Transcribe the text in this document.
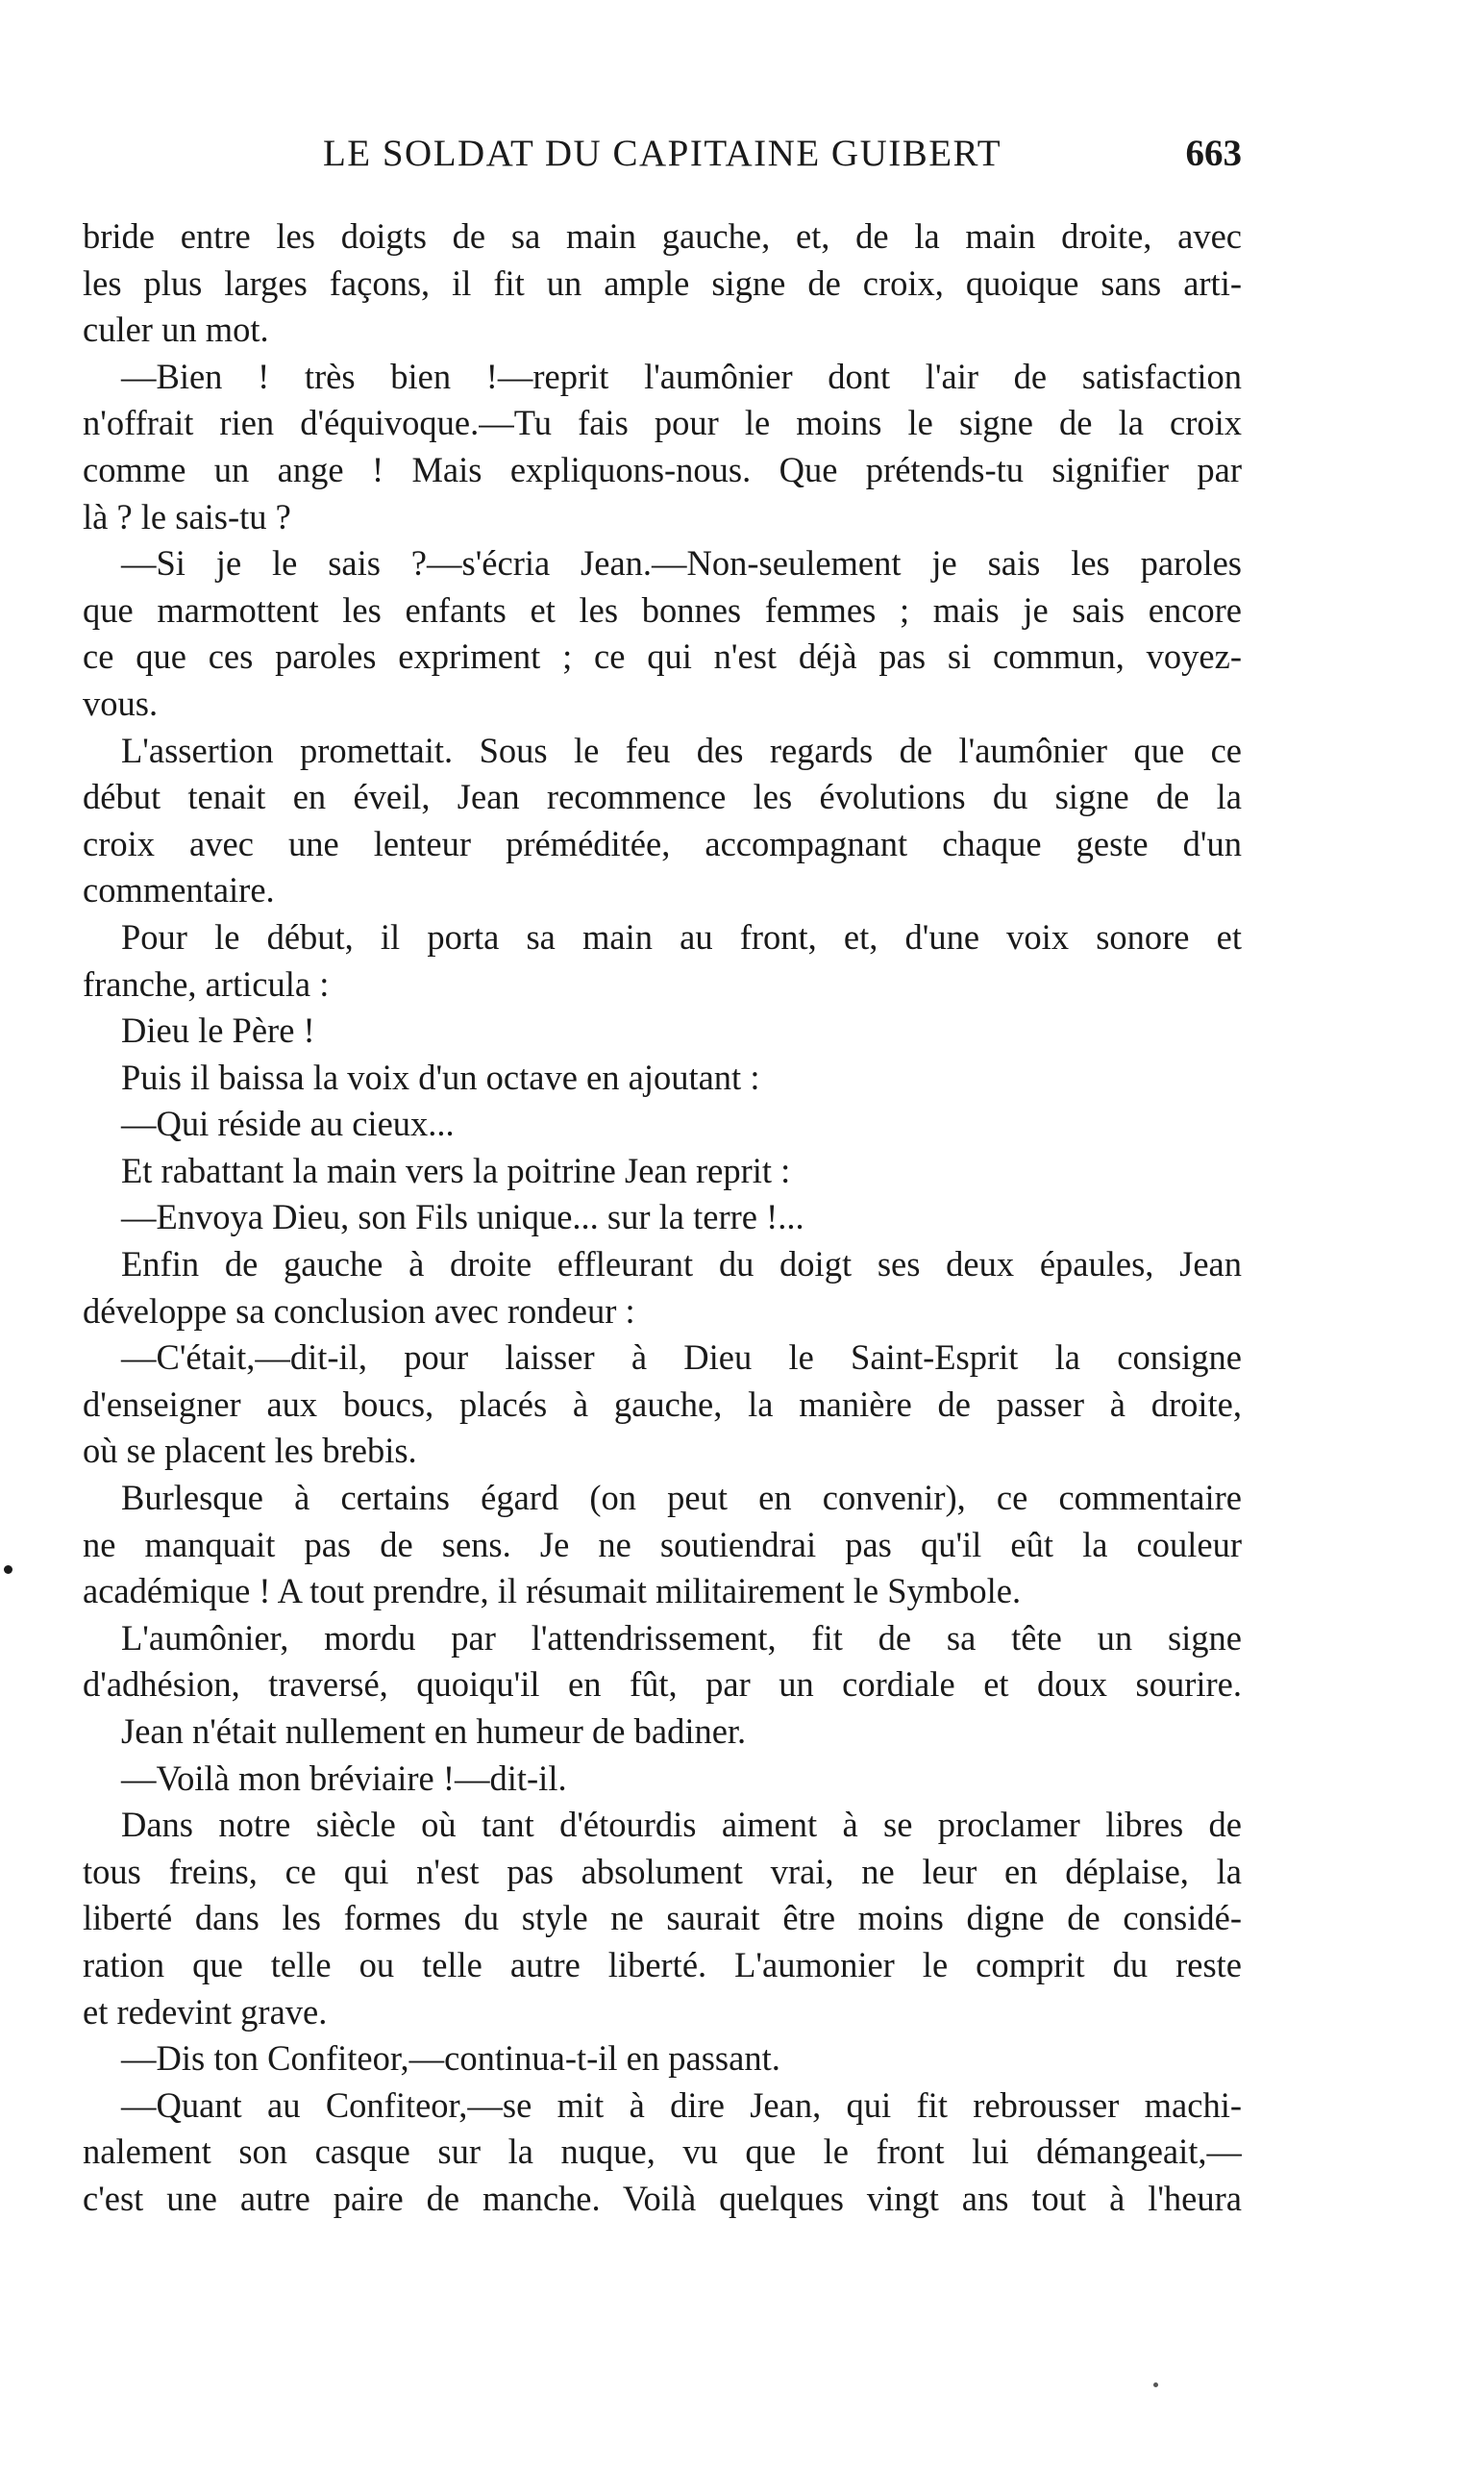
LE SOLDAT DU CAPITAINE GUIBERT	663
bride entre les doigts de sa main gauche, et, de la main droite, avec
les plus larges façons, il fit un ample signe de croix, quoique sans arti-
culer un mot.
—Bien ! très bien !—reprit l'aumônier dont l'air de satisfaction
n'offrait rien d'équivoque.—Tu fais pour le moins le signe de la croix
comme un ange ! Mais expliquons-nous. Que prétends-tu signifier par
là ? le sais-tu ?
—Si je le sais ?—s'écria Jean.—Non-seulement je sais les paroles
que marmottent les enfants et les bonnes femmes ; mais je sais encore
ce que ces paroles expriment ; ce qui n'est déjà pas si commun, voyez-
vous.
L'assertion promettait. Sous le feu des regards de l'aumônier que ce
début tenait en éveil, Jean recommence les évolutions du signe de la
croix avec une lenteur préméditée, accompagnant chaque geste d'un
commentaire.
Pour le début, il porta sa main au front, et, d'une voix sonore et
franche, articula :
Dieu le Père !
Puis il baissa la voix d'un octave en ajoutant :
—Qui réside au cieux...
Et rabattant la main vers la poitrine Jean reprit :
—Envoya Dieu, son Fils unique... sur la terre !...
Enfin de gauche à droite effleurant du doigt ses deux épaules, Jean
développe sa conclusion avec rondeur :
—C'était,—dit-il, pour laisser à Dieu le Saint-Esprit la consigne
d'enseigner aux boucs, placés à gauche, la manière de passer à droite,
où se placent les brebis.
Burlesque à certains égard (on peut en convenir), ce commentaire
ne manquait pas de sens. Je ne soutiendrai pas qu'il eût la couleur
académique ! A tout prendre, il résumait militairement le Symbole.
L'aumônier, mordu par l'attendrissement, fit de sa tête un signe
d'adhésion, traversé, quoiqu'il en fût, par un cordiale et doux sourire.
Jean n'était nullement en humeur de badiner.
—Voilà mon bréviaire !—dit-il.
Dans notre siècle où tant d'étourdis aiment à se proclamer libres de
tous freins, ce qui n'est pas absolument vrai, ne leur en déplaise, la
liberté dans les formes du style ne saurait être moins digne de considé-
ration que telle ou telle autre liberté. L'aumonier le comprit du reste
et redevint grave.
—Dis ton Confiteor,—continua-t-il en passant.
—Quant au Confiteor,—se mit à dire Jean, qui fit rebrousser machi-
nalement son casque sur la nuque, vu que le front lui démangeait,—
c'est une autre paire de manche. Voilà quelques vingt ans tout à l'heura
